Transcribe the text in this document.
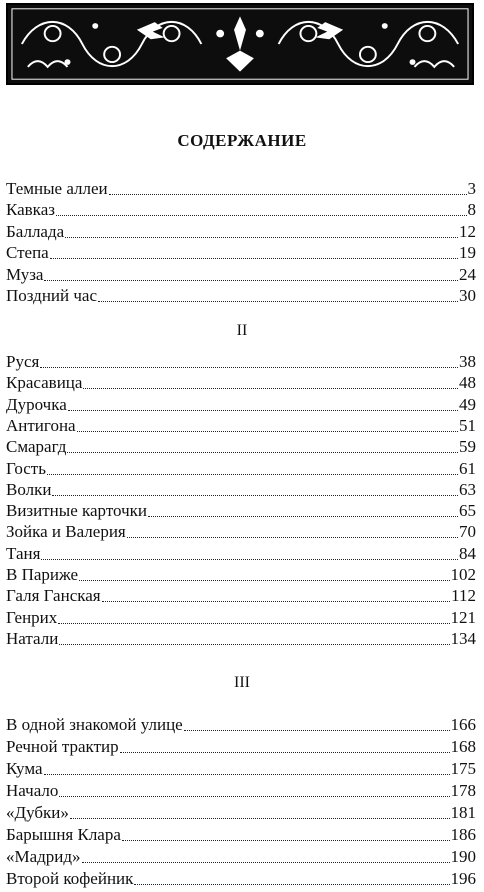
СОДЕРЖАНИЕ
Темные аллеи	3
Кавказ	8
Баллада	12
Степа	19
Муза	24
Поздний час	30
II
Руся	38
Красавица	48
Дурочка	49
Антигона	51
Смарагд	59
Гость	61
Волки	63
Визитные карточки	65
Зойка и Валерия	70
Таня	84
В Париже	102
Галя Ганская	112
Генрих	121
Натали	134
III
В одной знакомой улице	166
Речной трактир	168
Кума	175
Начало	178
«Дубки»	181
Барышня Клара	186
«Мадрид»	190
Второй кофейник	196
